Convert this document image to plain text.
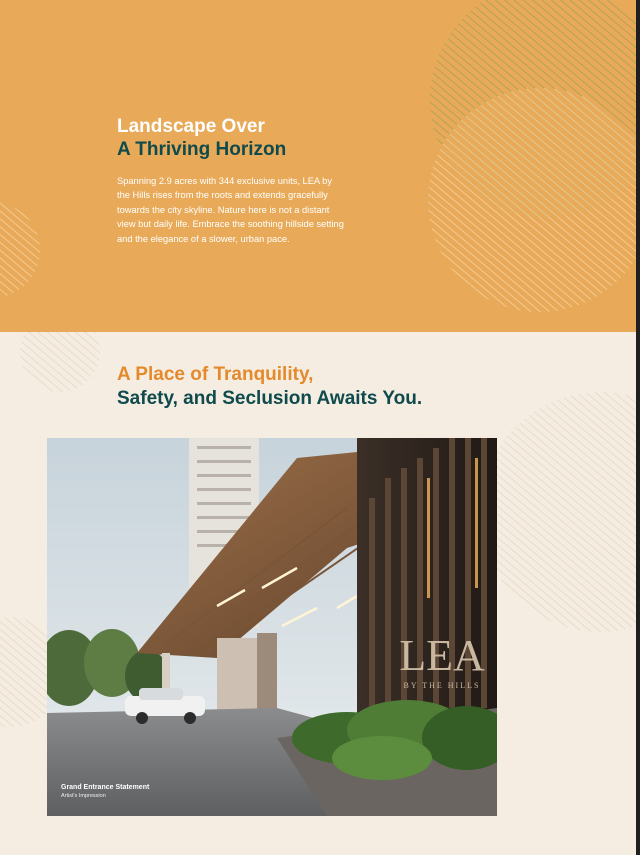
Landscape Over
A Thriving Horizon

Spanning 2.9 acres with 344 exclusive units, LEA by the Hills rises from the roots and extends gracefully towards the city skyline. Nature here is not a distant view but daily life. Embrace the soothing hillside setting and the elegance of a slower, urban pace.

A Place of Tranquility,
Safety, and Seclusion Awaits You.
LEA
BY THE HILLS
Grand Entrance Statement
Artist's Impression
